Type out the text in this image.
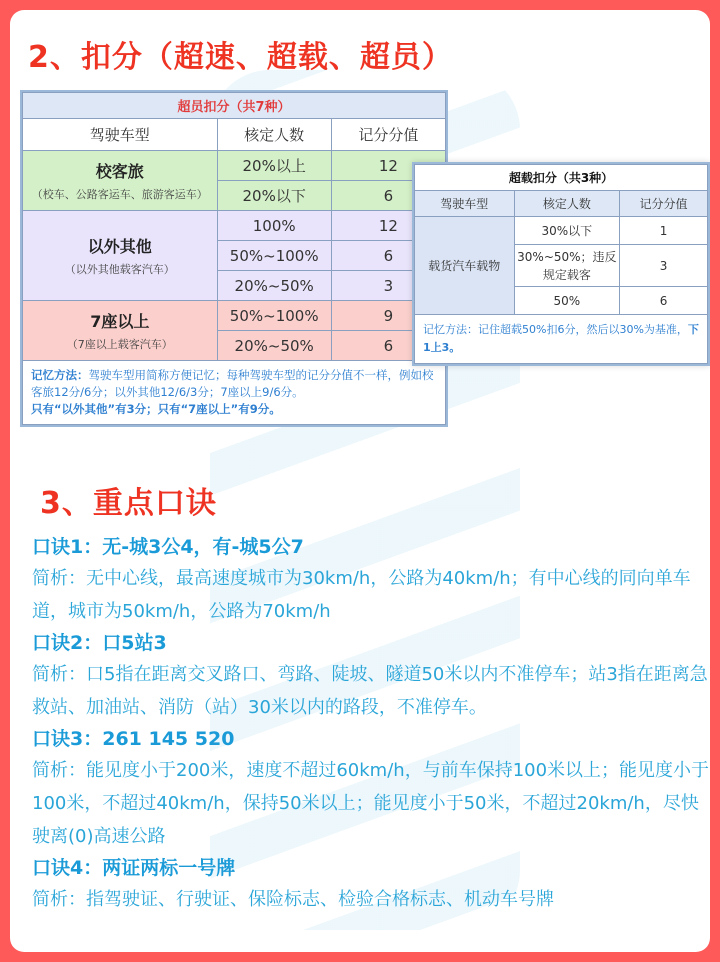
2、扣分（超速、超载、超员）
超员扣分（共7种）		
驾驶车型	核定人数	记分分值

校客旅
（校车、公路客运车、旅游客运车）	20%以上	12
	20%以下	6

以外其他
（以外其他载客汽车）	100%	12
	50%~100%	6
	20%~50%	3

7座以上
（7座以上载客汽车）	50%~100%	9
	20%~50%	6
记忆方法：驾驶车型用简称方便记忆；每种驾驶车型的记分分值不一样，例如校客旅12分/6分；以外其他12/6/3分；7座以上9/6分。
只有“以外其他”有3分；只有“7座以上”有9分。		
超载扣分（共3种）		
驾驶车型	核定人数	记分分值
载货汽车载物	30%以下	1
	30%~50%；违反规定载客	3
	50%	6
记忆方法：记住超载50%扣6分，然后以30%为基准，下1上3。		
3、重点口诀
口诀1：无-城3公4，有-城5公7
简析：无中心线，最高速度城市为30km/h，公路为40km/h；有中心线的同向单车道，城市为50km/h，公路为70km/h
口诀2：口5站3
简析：口5指在距离交叉路口、弯路、陡坡、隧道50米以内不准停车；站3指在距离急救站、加油站、消防（站）30米以内的路段，不准停车。
口诀3：261 145 520
简析：能见度小于200米，速度不超过60km/h，与前车保持100米以上；能见度小于100米，不超过40km/h，保持50米以上；能见度小于50米，不超过20km/h，尽快驶离(0)高速公路
口诀4：两证两标一号牌
简析：指驾驶证、行驶证、保险标志、检验合格标志、机动车号牌
